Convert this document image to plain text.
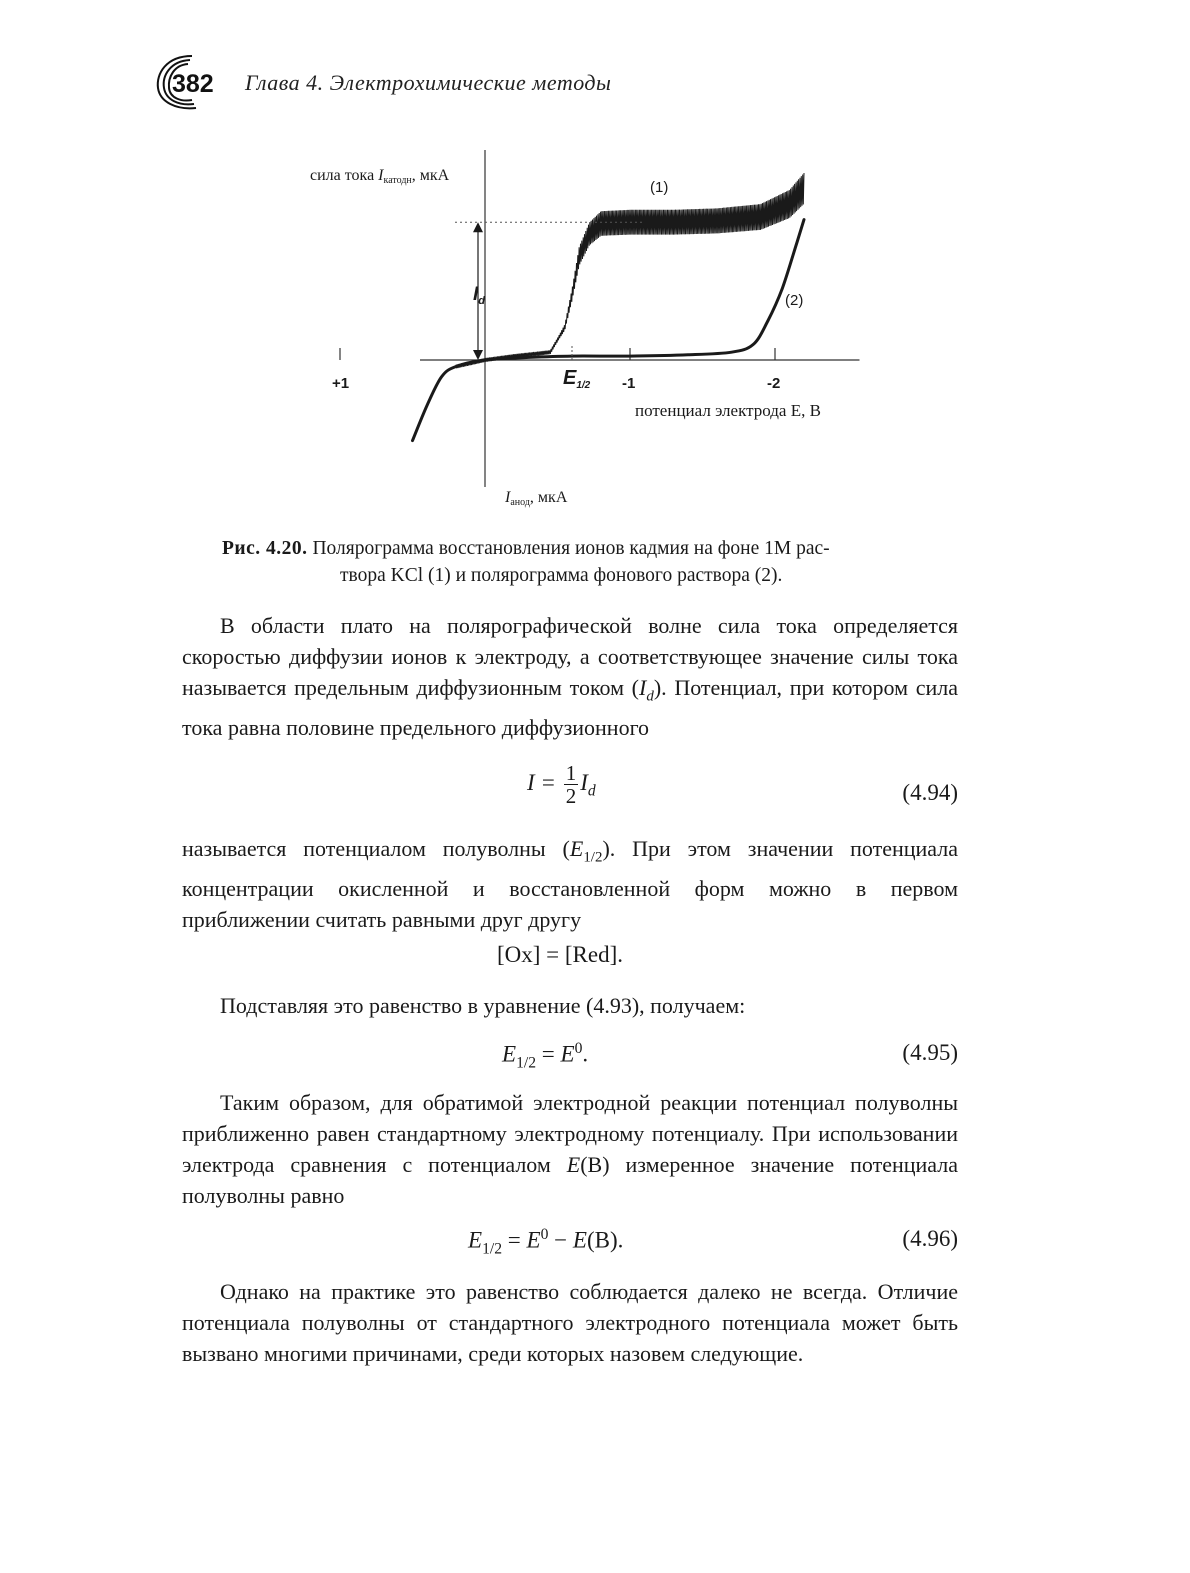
382 Глава 4. Электрохимические методы
сила тока Iкатодн, мкА
Iанод, мкА
потенциал электрода E, В
$I_d$
$E_{1/2}$
(1)
(2)
+1	-1	-2
Рис. 4.20. Полярограмма восстановления ионов кадмия на фоне 1М рас-
твора KCl (1) и полярограмма фонового раствора (2).
В области плато на полярографической волне сила тока определяется скоростью диффузии ионов к электроду, а соответствующее значение силы тока называется предельным диффузионным током $(I_d)$. Потенциал, при котором сила тока равна половине предельного диффузионного
$I = \frac{1}{2} I_d$	(4.94)
называется потенциалом полуволны $(E_{1/2})$. При этом значении потенциала концентрации окисленной и восстановленной форм можно в первом приближении считать равными друг другу
[Ox] = [Red].
Подставляя это равенство в уравнение (4.93), получаем:
$E_{1/2} = E^0$.	(4.95)
Таким образом, для обратимой электродной реакции потенциал полуволны приближенно равен стандартному электродному потенциалу. При использовании электрода сравнения с потенциалом E(В) измеренное значение потенциала полуволны равно
$E_{1/2} = E^0 - E(В)$.	(4.96)
Однако на практике это равенство соблюдается далеко не всегда. Отличие потенциала полуволны от стандартного электродного потенциала может быть вызвано многими причинами, среди которых назовем следующие.
